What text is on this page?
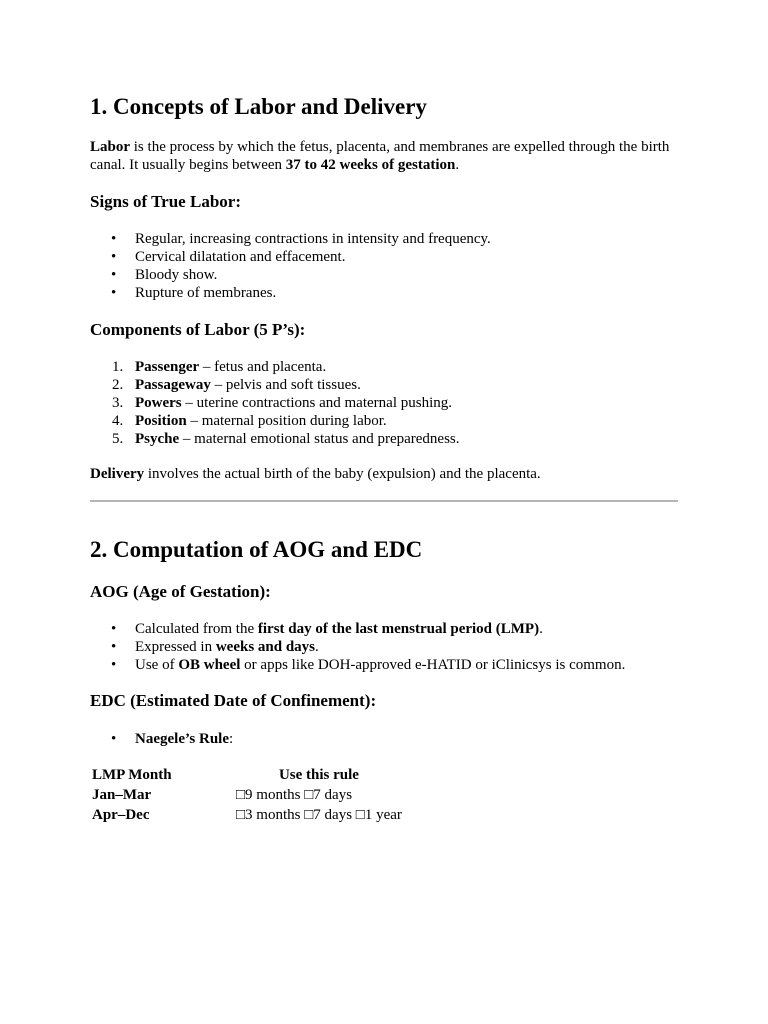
1. Concepts of Labor and Delivery

Labor is the process by which the fetus, placenta, and membranes are expelled through the birth canal. It usually begins between 37 to 42 weeks of gestation.

Signs of True Labor:
• Regular, increasing contractions in intensity and frequency.
• Cervical dilatation and effacement.
• Bloody show.
• Rupture of membranes.
Components of Labor (5 P’s):
1. Passenger – fetus and placenta.
2. Passageway – pelvis and soft tissues.
3. Powers – uterine contractions and maternal pushing.
4. Position – maternal position during labor.
5. Psyche – maternal emotional status and preparedness.

Delivery involves the actual birth of the baby (expulsion) and the placenta.

2. Computation of AOG and EDC
AOG (Age of Gestation):
• Calculated from the first day of the last menstrual period (LMP).
• Expressed in weeks and days.
• Use of OB wheel or apps like DOH-approved e-HATID or iClinicsys is common.
EDC (Estimated Date of Confinement):
• Naegele’s Rule:
LMP Month	Use this rule
Jan–Mar	□9 months □7 days
Apr–Dec	□3 months □7 days □1 year
